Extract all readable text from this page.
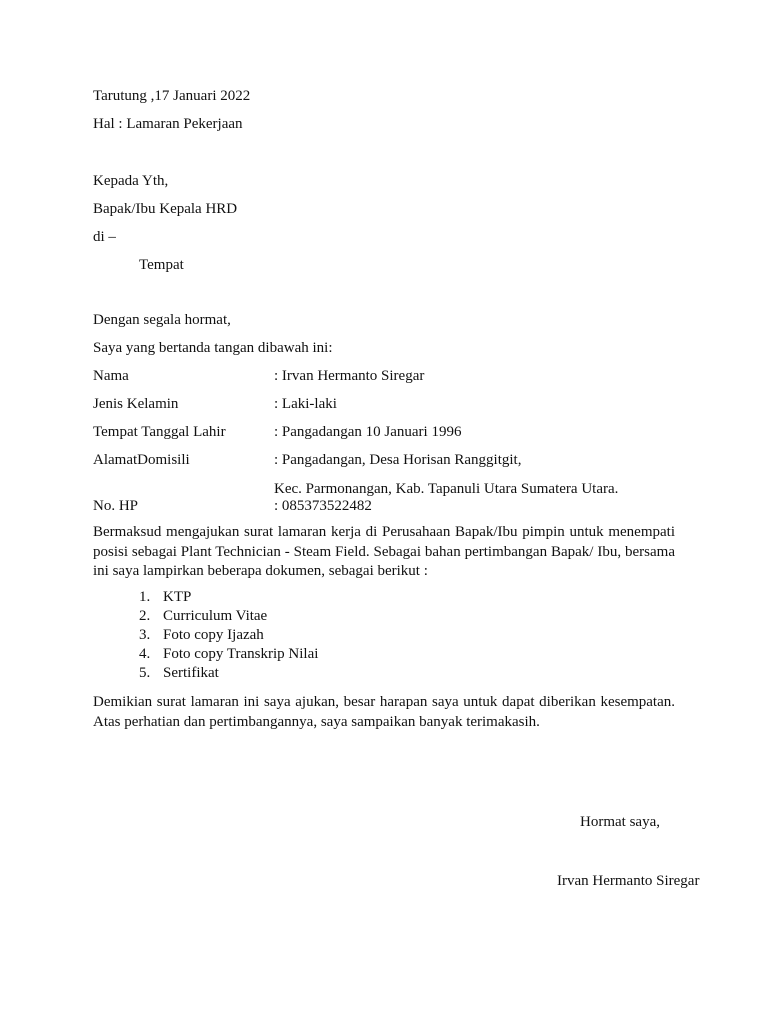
Tarutung ,17 Januari 2022
Hal : Lamaran Pekerjaan
Kepada Yth,
Bapak/Ibu Kepala HRD
di –
Tempat
Dengan segala hormat,
Saya yang bertanda tangan dibawah ini:
Nama	: Irvan Hermanto Siregar
Jenis Kelamin	: Laki-laki
Tempat Tanggal Lahir	: Pangadangan 10 Januari 1996
AlamatDomisili	: Pangadangan, Desa Horisan Ranggitgit,
Kec. Parmonangan, Kab. Tapanuli Utara Sumatera Utara.
No. HP	: 085373522482
Bermaksud mengajukan surat lamaran kerja di Perusahaan Bapak/Ibu pimpin untuk menempati posisi sebagai Plant Technician - Steam Field. Sebagai bahan pertimbangan Bapak/ Ibu, bersama ini saya lampirkan beberapa dokumen, sebagai berikut :
1. KTP
2. Curriculum Vitae
3. Foto copy Ijazah
4. Foto copy Transkrip Nilai
5. Sertifikat
Demikian surat lamaran ini saya ajukan, besar harapan saya untuk dapat diberikan kesempatan. Atas perhatian dan pertimbangannya, saya sampaikan banyak terimakasih.
Hormat saya,
Irvan Hermanto Siregar
